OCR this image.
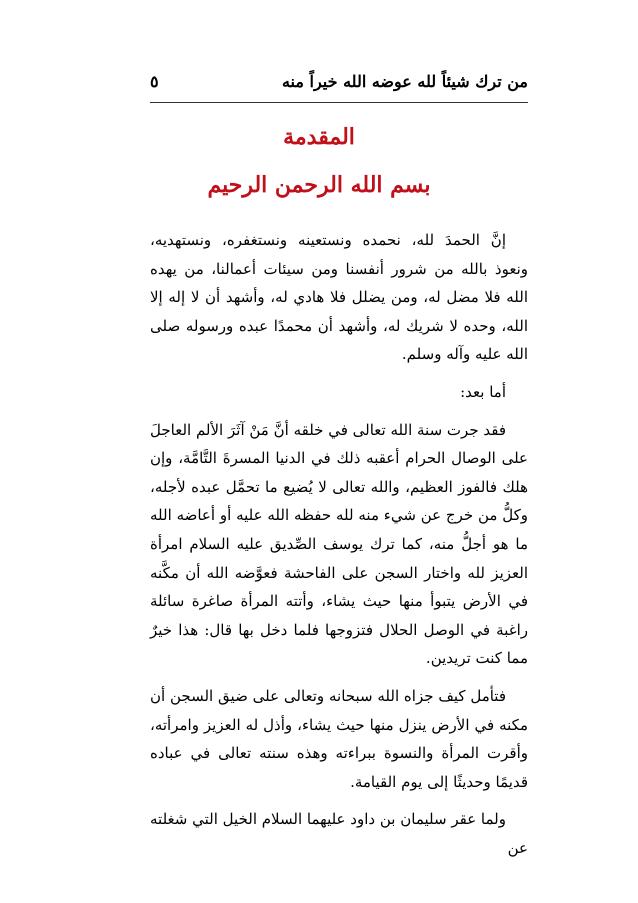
من ترك شيئاً لله عوضه الله خيراً منه
٥
المقدمة
بسم الله الرحمن الرحيم

إنَّ الحمدَ لله، نحمده ونستعينه ونستغفره، ونستهديه، ونعوذ بالله من شرور أنفسنا ومن سيئات أعمالنا، من يهده الله فلا مضل له، ومن يضلل فلا هادي له، وأشهد أن لا إله إلا الله، وحده لا شريك له، وأشهد أن محمدًا عبده ورسوله صلى الله عليه وآله وسلم.

أما بعد:

فقد جرت سنة الله تعالى في خلقه أنَّ مَنْ آثَرَ الألم العاجلَ على الوصال الحرام أعقبه ذلك في الدنيا المسرةَ التَّامَّة، وإن هلك فالفوز العظيم، والله تعالى لا يُضيع ما تحمَّل عبده لأجله، وكلُّ من خرج عن شيء منه لله حفظه الله عليه أو أعاضه الله ما هو أجلُّ منه، كما ترك يوسف الصِّديق عليه السلام امرأة العزيز لله واختار السجن على الفاحشة فعوَّضه الله أن مكَّنه في الأرض يتبوأ منها حيث يشاء، وأتته المرأة صاغرة سائلة راغبة في الوصل الحلال فتزوجها فلما دخل بها قال: هذا خيرٌ مما كنت تريدين.

فتأمل كيف جزاه الله سبحانه وتعالى على ضيق السجن أن مكنه في الأرض ينزل منها حيث يشاء، وأذل له العزيز وامرأته، وأقرت المرأة والنسوة ببراءته وهذه سنته تعالى في عباده قديمًا وحديثًا إلى يوم القيامة.

ولما عقر سليمان بن داود عليهما السلام الخيل التي شغلته عن
